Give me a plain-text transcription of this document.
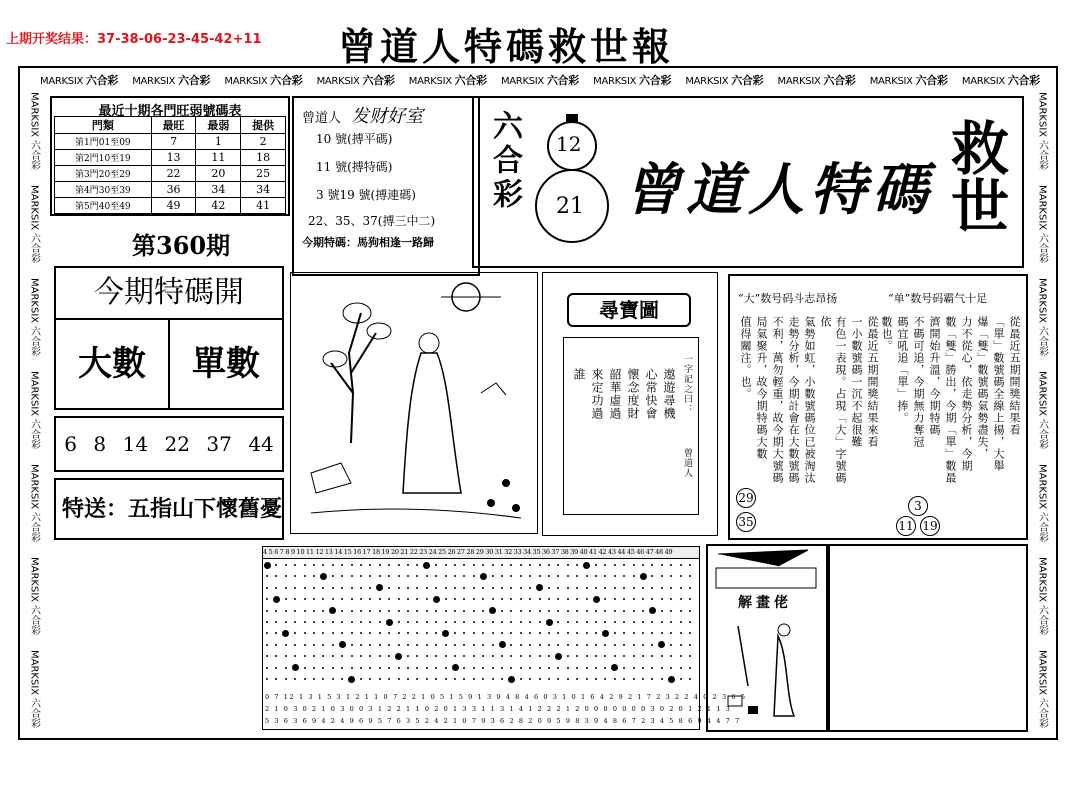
上期开奖结果：37-38-06-23-45-42+11 曾道人特碼救世報
MARKSIX 六合彩 MARKSIX 六合彩 MARKSIX 六合彩 MARKSIX 六合彩 MARKSIX 六合彩 MARKSIX 六合彩 MARKSIX 六合彩 MARKSIX 六合彩 MARKSIX 六合彩 MARKSIX 六合彩 MARKSIX 六合彩
MARKSIX 六合彩
MARKSIX 六合彩
MARKSIX 六合彩
MARKSIX 六合彩
MARKSIX 六合彩
MARKSIX 六合彩
MARKSIX 六合彩
MARKSIX 六合彩
MARKSIX 六合彩
MARKSIX 六合彩
MARKSIX 六合彩
MARKSIX 六合彩
MARKSIX 六合彩
MARKSIX 六合彩
最近十期各門旺弱號碼表
門類	最旺	最弱	提供
第1門01至09	7	1	2
第2門10至19	13	11	18
第3門20至29	22	20	25
第4門30至39	36	34	34
第5門40至49	49	42	41
第360期
曾道人 发财好室
10 號(搏平碼)
11 號(搏特碼)
3 號19 號(搏連碼)
22、35、37(搏三中二)
今期特碼：馬狗相逢一路歸
六合彩 12
21 曾道人特碼 救世
今期特碼開
大數	單數
6 8 14 22 37 44
特送：五指山下懷舊憂
尋寶圖
一字記之曰：
遨遊尋機
心常快會
懷念度財
韶華虛過
來定功過
誰
曾道人
“大”数号码斗志昂扬	“单”数号码霸气十足
從最近五期開獎結果來看
一小數號碼一沉不起很難
有色一表現。占現「大」字號碼依
氣勢如虹，小數號碼位已被淘汰
走勢分析，今期計會在大數號碼
不利，萬勿輕重，故今期大號碼
局氣聚升，故今期特碼大數
值得關注。也。	從最近五期開獎結果看
「單」數號碼全線上揚，大舉
爆「雙」數號碼氣勢盡失，
力不從心，依走勢分析，今期
數「雙」勝出，今期「單」數最
濟開始升溫，今期特碼
不碼可追，今期無力奪冠
碼宜吼追「單」捧。
數也。
29
35
3
11 19
4 5 6 7 8 9 10 11 12 13 14 15 16 17 18 19 20 21 22 23 24 25 26 27 28 29 30 31 32 33 34 35 36 37 38 39 40 41 42 43 44 45 46 47 48 49
0 7 12 1 3 1 5 3 1 2 1 1 0 7 2 2 1 0 5 1 5 9 1 3 9 4 8 4 6 0 3 1 0 1 6 4 2 9 2 1 7 2 3 2 2 4 0 2 3 6 5
2 1 0 3 0 2 1 0 3 0 0 3 1 2 2 1 1 0 2 0 1 3 3 1 1 3 1 4 1 2 2 2 1 2 0 0 0 0 0 0 0 3 0 2 0 1 2 1 1 3
5 3 6 3 6 9 4 2 4 9 6 9 5 7 6 3 5 2 4 2 1 0 7 9 3 6 2 8 2 0 9 5 9 8 3 9 4 8 6 7 2 3 4 5 8 6 9 4 4 7 7
解畫佬
